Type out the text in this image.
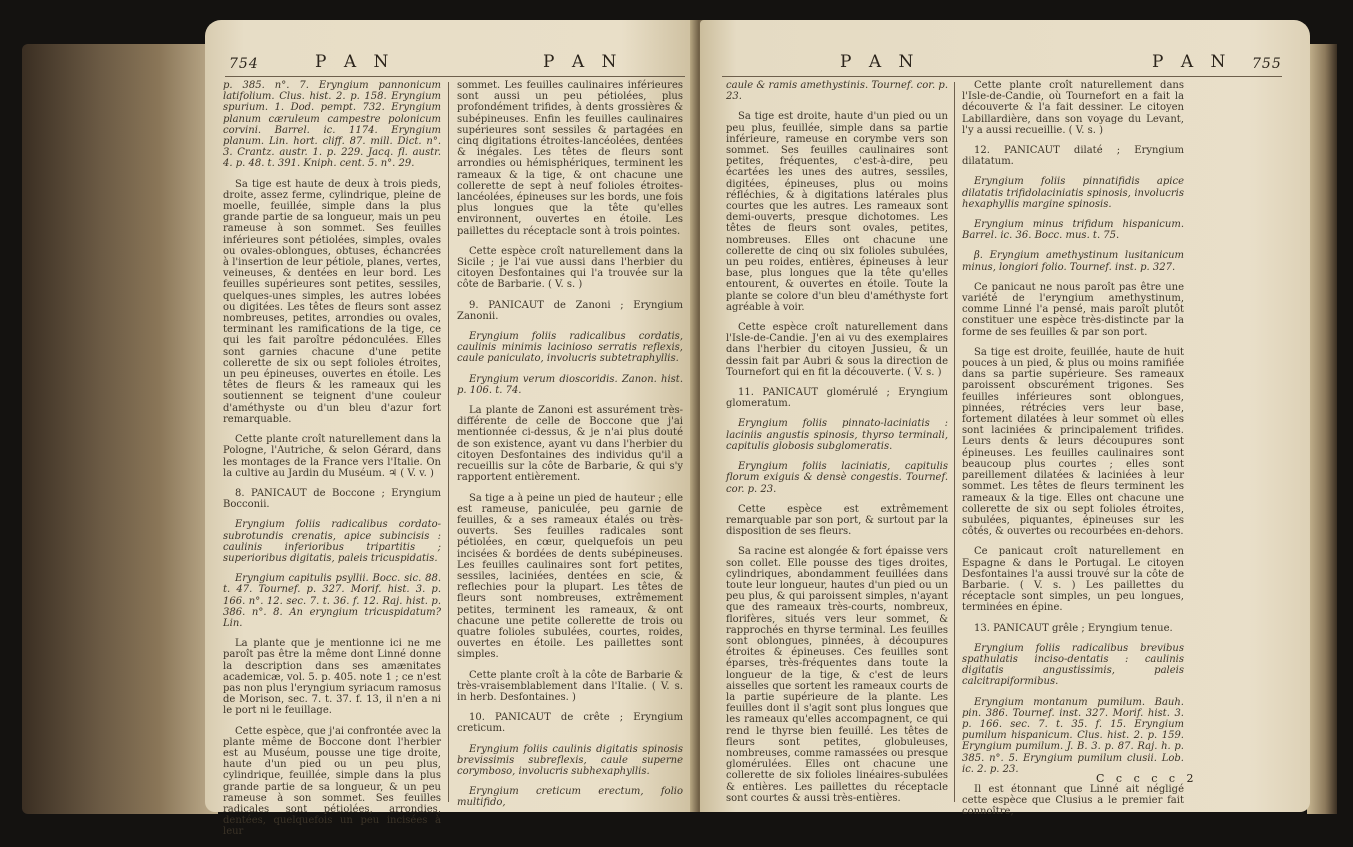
754	P A N	P A N

p. 385. n°. 7. Eryngium pannonicum latifolium. Clus. hist. 2. p. 158. Eryngium spurium. 1. Dod. pempt. 732. Eryngium planum cæruleum campestre polonicum corvini. Barrel. ic. 1174. Eryngium planum. Lin. hort. cliff. 87. mill. Dict. n°. 3. Crantz. austr. 1. p. 229. Jacq. fl. austr. 4. p. 48. t. 391. Kniph. cent. 5. n°. 29.

Sa tige est haute de deux à trois pieds, droite, assez ferme, cylindrique, pleine de moelle, feuillée, simple dans la plus grande partie de sa longueur, mais un peu rameuse à son sommet. Ses feuilles inférieures sont pétiolées, simples, ovales ou ovales-oblongues, obtuses, échancrées à l'insertion de leur pétiole, planes, vertes, veineuses, & dentées en leur bord. Les feuilles supérieures sont petites, sessiles, quelques-unes simples, les autres lobées ou digitées. Les têtes de fleurs sont assez nombreuses, petites, arrondies ou ovales, terminant les ramifications de la tige, ce qui les fait paroître pédonculées. Elles sont garnies chacune d'une petite collerette de six ou sept folioles étroites, un peu épineuses, ouvertes en étoile. Les têtes de fleurs & les rameaux qui les soutiennent se teignent d'une couleur d'améthyste ou d'un bleu d'azur fort remarquable.

Cette plante croît naturellement dans la Pologne, l'Autriche, & selon Gérard, dans les montages de la France vers l'Italie. On la cultive au Jardin du Muséum. ♃ ( V. v. )

8. PANICAUT de Boccone ; Eryngium Bocconii.

Eryngium foliis radicalibus cordato-subrotundis crenatis, apice subincisis : caulinis inferioribus tripartitis ; superioribus digitatis, paleis tricuspidatis.

Eryngium capitulis psyllii. Bocc. sic. 88. t. 47. Tournef. p. 327. Morif. hist. 3. p. 166. n°. 12. sec. 7. t. 36. f. 12. Raj. hist. p. 386. n°. 8. An eryngium tricuspidatum? Lin.

La plante que je mentionne ici ne me paroît pas être la même dont Linné donne la description dans ses amænitates academicæ, vol. 5. p. 405. note 1 ; ce n'est pas non plus l'eryngium syriacum ramosus de Morison, sec. 7. t. 37. f. 13, il n'en a ni le port ni le feuillage.

Cette espèce, que j'ai confrontée avec la plante même de Boccone dont l'herbier est au Muséum, pousse une tige droite, haute d'un pied ou un peu plus, cylindrique, feuillée, simple dans la plus grande partie de sa longueur, & un peu rameuse à son sommet. Ses feuilles radicales sont pétiolées, arrondies, dentées, quelquefois un peu incisées à leur

sommet. Les feuilles caulinaires inférieures sont aussi un peu pétiolées, plus profondément trifides, à dents grossières & subépineuses. Enfin les feuilles caulinaires supérieures sont sessiles & partagées en cinq digitations étroites-lancéolées, dentées & inégales. Les têtes de fleurs sont arrondies ou hémisphériques, terminent les rameaux & la tige, & ont chacune une collerette de sept à neuf folioles étroites-lancéolées, épineuses sur les bords, une fois plus longues que la tête qu'elles environnent, ouvertes en étoile. Les paillettes du réceptacle sont à trois pointes.

Cette espèce croît naturellement dans la Sicile ; je l'ai vue aussi dans l'herbier du citoyen Desfontaines qui l'a trouvée sur la côte de Barbarie. ( V. s. )

9. PANICAUT de Zanoni ; Eryngium Zanonii.

Eryngium foliis radicalibus cordatis, caulinis minimis lacinioso serratis reflexis, caule paniculato, involucris subtetraphyllis.

Eryngium verum dioscoridis. Zanon. hist. p. 106. t. 74.

La plante de Zanoni est assurément très-différente de celle de Boccone que j'ai mentionnée ci-dessus, & je n'ai plus douté de son existence, ayant vu dans l'herbier du citoyen Desfontaines des individus qu'il a recueillis sur la côte de Barbarie, & qui s'y rapportent entièrement.

Sa tige a à peine un pied de hauteur ; elle est rameuse, paniculée, peu garnie de feuilles, & a ses rameaux étalés ou très-ouverts. Ses feuilles radicales sont pétiolées, en cœur, quelquefois un peu incisées & bordées de dents subépineuses. Les feuilles caulinaires sont fort petites, sessiles, laciniées, dentées en scie, & reflechies pour la plupart. Les têtes de fleurs sont nombreuses, extrêmement petites, terminent les rameaux, & ont chacune une petite collerette de trois ou quatre folioles subulées, courtes, roides, ouvertes en étoile. Les paillettes sont simples.

Cette plante croît à la côte de Barbarie & très-vraisemblablement dans l'Italie. ( V. s. in herb. Desfontaines. )

10. PANICAUT de crête ; Eryngium creticum.

Eryngium foliis caulinis digitatis spinosis brevissimis subreflexis, caule superne corymboso, involucris subhexaphyllis.

Eryngium creticum erectum, folio multifido,

P A N	P A N 755

caule & ramis amethystinis. Tournef. cor. p. 23.

Sa tige est droite, haute d'un pied ou un peu plus, feuillée, simple dans sa partie inférieure, rameuse en corymbe vers son sommet. Ses feuilles caulinaires sont petites, fréquentes, c'est-à-dire, peu écartées les unes des autres, sessiles, digitées, épineuses, plus ou moins réfléchies, & à digitations latérales plus courtes que les autres. Les rameaux sont demi-ouverts, presque dichotomes. Les têtes de fleurs sont ovales, petites, nombreuses. Elles ont chacune une collerette de cinq ou six folioles subulées, un peu roides, entières, épineuses à leur base, plus longues que la tête qu'elles entourent, & ouvertes en étoile. Toute la plante se colore d'un bleu d'améthyste fort agréable à voir.

Cette espèce croît naturellement dans l'Isle-de-Candie. J'en ai vu des exemplaires dans l'herbier du citoyen Jussieu, & un dessin fait par Aubri & sous la direction de Tournefort qui en fit la découverte. ( V. s. )

11. PANICAUT glomérulé ; Eryngium glomeratum.

Eryngium foliis pinnato-laciniatis : laciniis angustis spinosis, thyrso terminali, capitulis globosis subglomeratis.

Eryngium foliis laciniatis, capitulis florum exiguis & densè congestis. Tournef. cor. p. 23.

Cette espèce est extrêmement remarquable par son port, & surtout par la disposition de ses fleurs.

Sa racine est alongée & fort épaisse vers son collet. Elle pousse des tiges droites, cylindriques, abondamment feuillées dans toute leur longueur, hautes d'un pied ou un peu plus, & qui paroissent simples, n'ayant que des rameaux très-courts, nombreux, florifères, situés vers leur sommet, & rapprochés en thyrse terminal. Les feuilles sont oblongues, pinnées, à découpures étroites & épineuses. Ces feuilles sont éparses, très-fréquentes dans toute la longueur de la tige, & c'est de leurs aisselles que sortent les rameaux courts de la partie supérieure de la plante. Les feuilles dont il s'agit sont plus longues que les rameaux qu'elles accompagnent, ce qui rend le thyrse bien feuillé. Les têtes de fleurs sont petites, globuleuses, nombreuses, comme ramassées ou presque glomérulées. Elles ont chacune une collerette de six folioles linéaires-subulées & entières. Les paillettes du réceptacle sont courtes & aussi très-entières.

Cette plante croît naturellement dans l'Isle-de-Candie, où Tournefort en a fait la découverte & l'a fait dessiner. Le citoyen Labillardière, dans son voyage du Levant, l'y a aussi recueillie. ( V. s. )

12. PANICAUT dilaté ; Eryngium dilatatum.

Eryngium foliis pinnatifidis apice dilatatis trifidolaciniatis spinosis, involucris hexaphyllis margine spinosis.

Eryngium minus trifidum hispanicum. Barrel. ic. 36. Bocc. mus. t. 75.

β. Eryngium amethystinum lusitanicum minus, longiori folio. Tournef. inst. p. 327.

Ce panicaut ne nous paroît pas être une variété de l'eryngium amethystinum, comme Linné l'a pensé, mais paroît plutôt constituer une espèce très-distincte par la forme de ses feuilles & par son port.

Sa tige est droite, feuillée, haute de huit pouces à un pied, & plus ou moins ramifiée dans sa partie supérieure. Ses rameaux paroissent obscurément trigones. Ses feuilles inférieures sont oblongues, pinnées, rétrécies vers leur base, fortement dilatées à leur sommet où elles sont laciniées & principalement trifides. Leurs dents & leurs découpures sont épineuses. Les feuilles caulinaires sont beaucoup plus courtes ; elles sont pareillement dilatées & laciniées à leur sommet. Les têtes de fleurs terminent les rameaux & la tige. Elles ont chacune une collerette de six ou sept folioles étroites, subulées, piquantes, épineuses sur les côtés, & ouvertes ou recourbées en-dehors.

Ce panicaut croît naturellement en Espagne & dans le Portugal. Le citoyen Desfontaines l'a aussi trouvé sur la côte de Barbarie. ( V. s. ) Les paillettes du réceptacle sont simples, un peu longues, terminées en épine.

13. PANICAUT grêle ; Eryngium tenue.

Eryngium foliis radicalibus brevibus spathulatis inciso-dentatis : caulinis digitatis angustissimis, paleis calcitrapiformibus.

Eryngium montanum pumilum. Bauh. pin. 386. Tournef. inst. 327. Morif. hist. 3. p. 166. sec. 7. t. 35. f. 15. Eryngium pumilum hispanicum. Clus. hist. 2. p. 159. Eryngium pumilum. J. B. 3. p. 87. Raj. h. p. 385. n°. 5. Eryngium pumilum clusii. Lob. ic. 2. p. 23.

Il est étonnant que Linné ait négligé cette espèce que Clusius a le premier fait connoître,

C c c c c 2
